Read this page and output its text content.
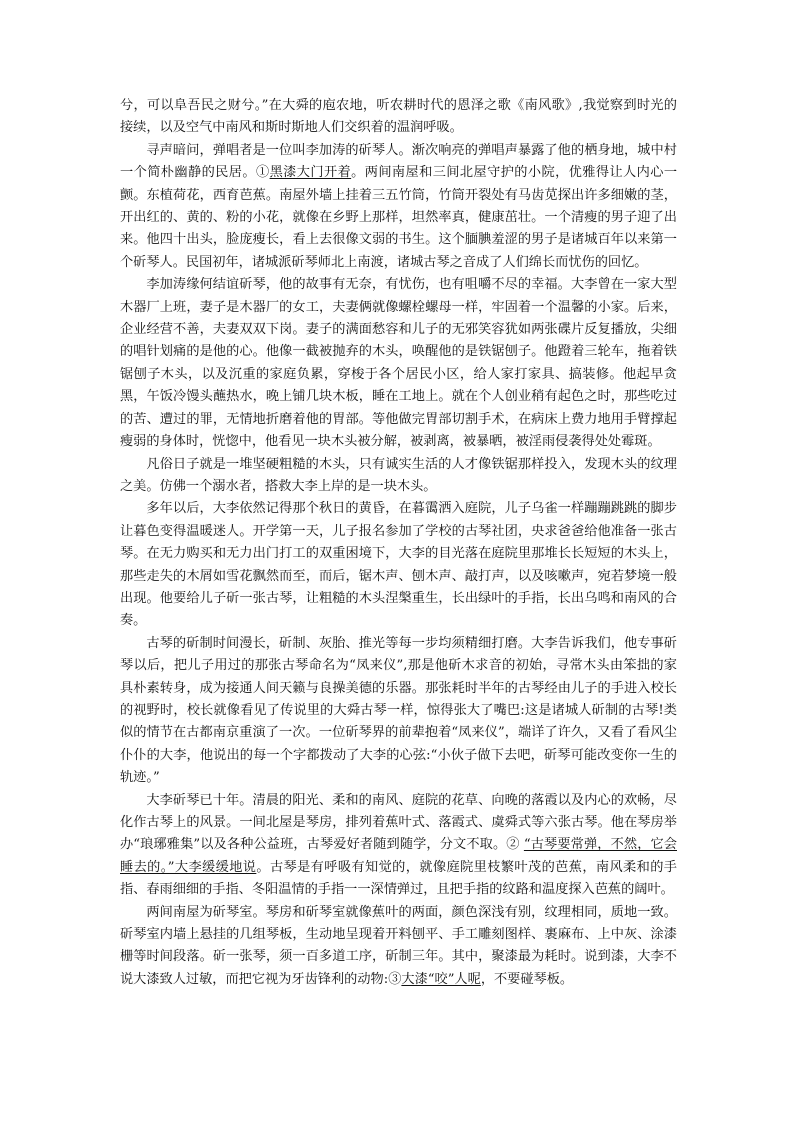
兮，可以阜吾民之财兮。”在大舜的庖农地，听农耕时代的恩泽之歌《南风歌》,我觉察到时光的接续，以及空气中南风和斯时斯地人们交织着的温润呼吸。

寻声暗问，弹唱者是一位叫李加涛的斫琴人。渐次响亮的弹唱声暴露了他的栖身地，城中村一个简朴幽静的民居。①黑漆大门开着。两间南屋和三间北屋守护的小院，优雅得让人内心一颤。东植荷花，西育芭蕉。南屋外墙上挂着三五竹筒，竹筒开裂处有马齿苋探出许多细嫩的茎，开出红的、黄的、粉的小花，就像在乡野上那样，坦然率真，健康茁壮。一个清瘦的男子迎了出来。他四十出头，脸庞瘦长，看上去很像文弱的书生。这个腼腆羞涩的男子是诸城百年以来第一个斫琴人。民国初年，诸城派斫琴师北上南渡，诸城古琴之音成了人们绵长而忧伤的回忆。

李加涛缘何结谊斫琴，他的故事有无奈，有忧伤，也有咀嚼不尽的幸福。大李曾在一家大型木器厂上班，妻子是木器厂的女工，夫妻俩就像螺栓螺母一样，牢固着一个温馨的小家。后来，企业经营不善，夫妻双双下岗。妻子的满面愁容和儿子的无邪笑容犹如两张碟片反复播放，尖细的唱针划痛的是他的心。他像一截被抛弃的木头，唤醒他的是铁锯刨子。他蹬着三轮车，拖着铁锯刨子木头，以及沉重的家庭负累，穿梭于各个居民小区，给人家打家具、搞装修。他起早贪黑，午饭冷馒头蘸热水，晚上铺几块木板，睡在工地上。就在个人创业稍有起色之时，那些吃过的苦、遭过的罪，无情地折磨着他的胃部。等他做完胃部切割手术，在病床上费力地用手臂撑起瘦弱的身体时，恍惚中，他看见一块木头被分解，被剥离，被暴晒，被淫雨侵袭得处处霉斑。

凡俗日子就是一堆坚硬粗糙的木头，只有诚实生活的人才像铁锯那样投入，发现木头的纹理之美。仿佛一个溺水者，搭救大李上岸的是一块木头。

多年以后，大李依然记得那个秋日的黄昏，在暮霭洒入庭院，儿子乌雀一样蹦蹦跳跳的脚步让暮色变得温暖迷人。开学第一天，儿子报名参加了学校的古琴社团，央求爸爸给他准备一张古琴。在无力购买和无力出门打工的双重困境下，大李的目光落在庭院里那堆长长短短的木头上，那些走失的木屑如雪花飘然而至，而后，锯木声、刨木声、敲打声，以及咳嗽声，宛若梦境一般出现。他要给儿子斫一张古琴，让粗糙的木头涅槃重生，长出绿叶的手指，长出乌鸣和南风的合奏。

古琴的斫制时间漫长，斫制、灰胎、推光等每一步均须精细打磨。大李告诉我们，他专事斫琴以后，把儿子用过的那张古琴命名为“凤来仪”,那是他斫木求音的初始，寻常木头由笨拙的家具朴素转身，成为接通人间天籁与良操美德的乐器。那张耗时半年的古琴经由儿子的手进入校长的视野时，校长就像看见了传说里的大舜古琴一样，惊得张大了嘴巴:这是诸城人斫制的古琴!类似的情节在古都南京重演了一次。一位斫琴界的前辈抱着“凤来仪”，端详了许久，又看了看风尘仆仆的大李，他说出的每一个字都拨动了大李的心弦:“小伙子做下去吧，斫琴可能改变你一生的轨迹。”

大李斫琴已十年。清晨的阳光、柔和的南风、庭院的花草、向晚的落霞以及内心的欢畅，尽化作古琴上的风景。一间北屋是琴房，排列着蕉叶式、落霞式、虞舜式等六张古琴。他在琴房举办“琅琊雅集”以及各种公益班，古琴爱好者随到随学，分文不取。② “古琴要常弹，不然，它会睡去的。”大李缓缓地说。古琴是有呼吸有知觉的，就像庭院里枝繁叶茂的芭蕉，南风柔和的手指、春雨细细的手指、冬阳温情的手指一一深情弹过，且把手指的纹路和温度探入芭蕉的阔叶。

两间南屋为斫琴室。琴房和斫琴室就像蕉叶的两面，颜色深浅有别，纹理相同，质地一致。斫琴室内墙上悬挂的几组琴板，生动地呈现着开料刨平、手工雕刻图样、裹麻布、上中灰、涂漆栅等时间段落。斫一张琴，须一百多道工序，斫制三年。其中，聚漆最为耗时。说到漆，大李不说大漆致人过敏，而把它视为牙齿锋利的动物:③大漆“咬”人呢，不要碰琴板。
